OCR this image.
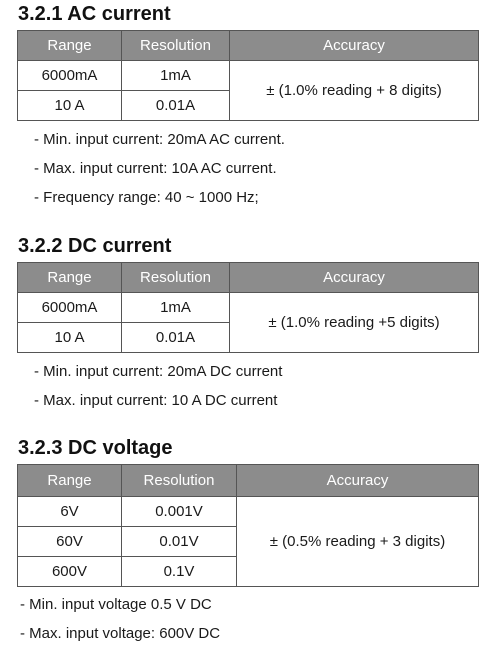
3.2.1 AC current
Range	Resolution	Accuracy
6000mA	1mA	± (1.0% reading + 8 digits)
10 A	0.01A	
- Min. input current: 20mA AC current.
- Max. input current: 10A AC current.
- Frequency range: 40 ~ 1000 Hz;
3.2.2 DC current
Range	Resolution	Accuracy
6000mA	1mA	± (1.0% reading +5 digits)
10 A	0.01A	
- Min. input current: 20mA DC current
- Max. input current: 10 A DC current
3.2.3 DC voltage
Range	Resolution	Accuracy
6V	0.001V	± (0.5% reading + 3 digits)
60V	0.01V	
600V	0.1V	
- Min. input voltage 0.5 V DC
- Max. input voltage: 600V DC
